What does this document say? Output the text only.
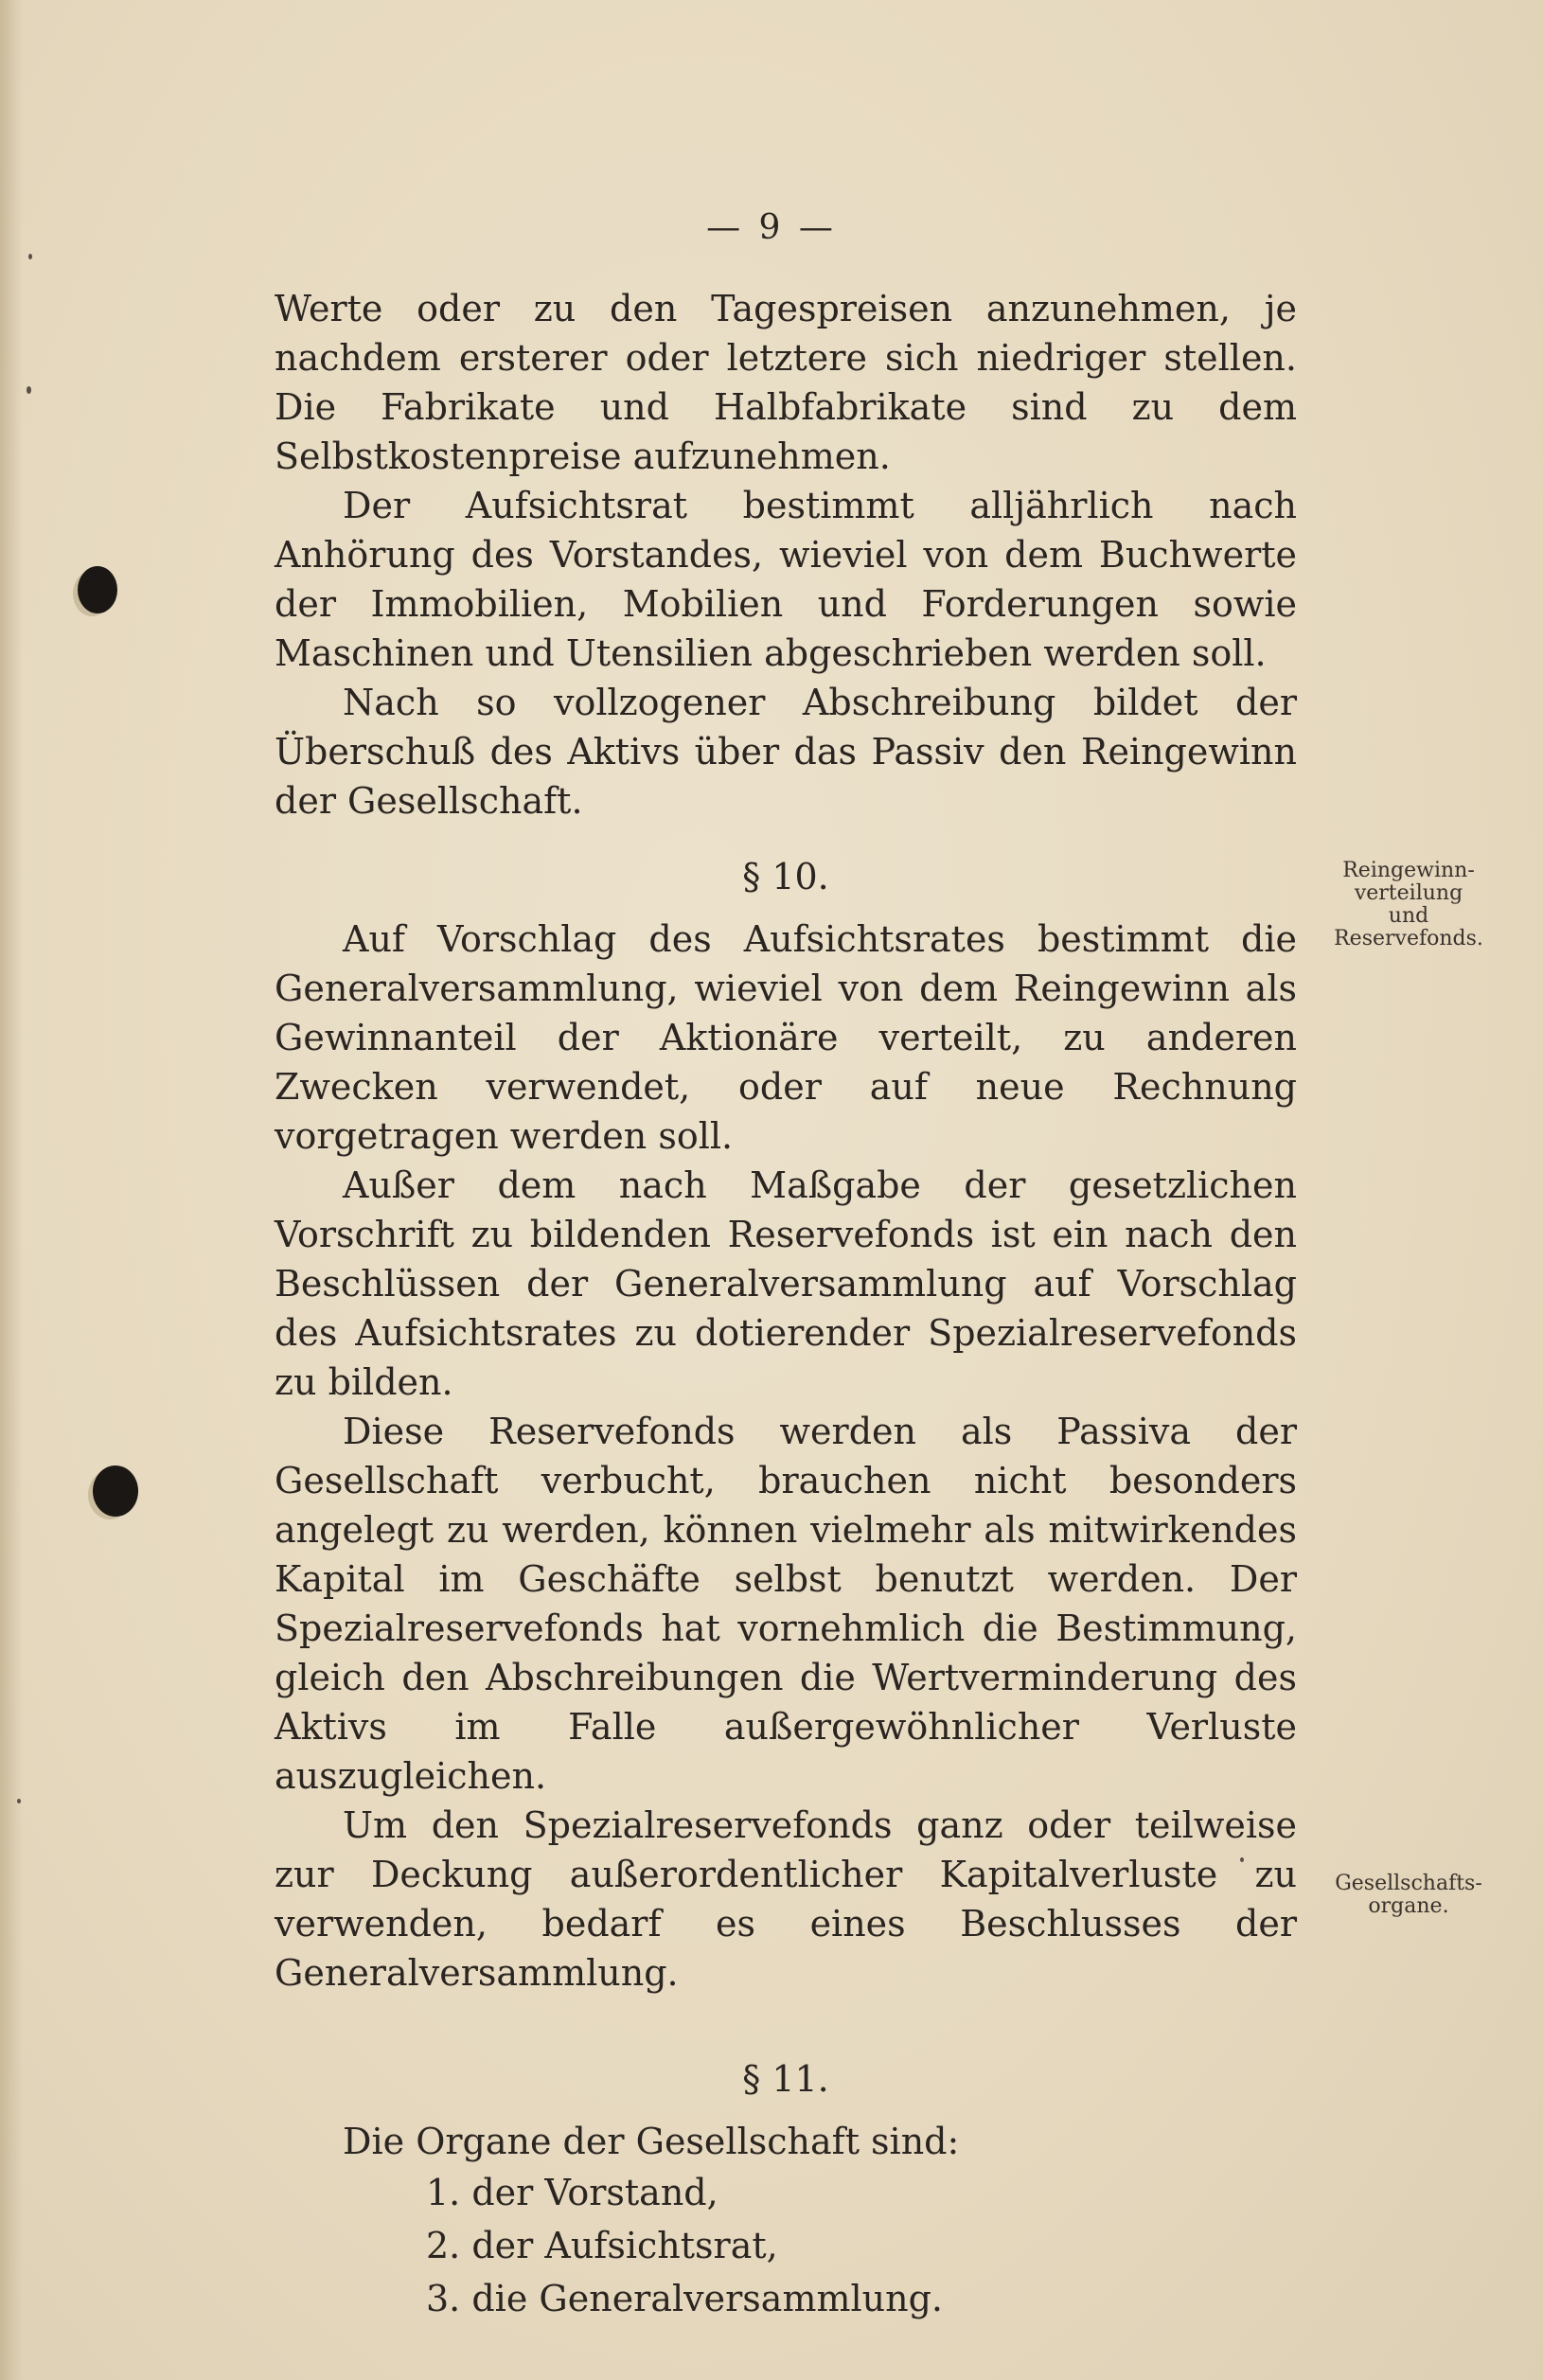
— 9 —

Werte oder zu den Tagespreisen anzunehmen, je nachdem ersterer oder letztere sich niedriger stellen. Die Fabrikate und Halbfabrikate sind zu dem Selbstkostenpreise aufzunehmen.

Der Aufsichtsrat bestimmt alljährlich nach Anhörung des Vorstandes, wieviel von dem Buchwerte der Immobilien, Mobilien und Forderungen sowie Maschinen und Utensilien abgeschrieben werden soll.

Nach so vollzogener Abschreibung bildet der Überschuß des Aktivs über das Passiv den Reingewinn der Gesellschaft.

§ 10.

Auf Vorschlag des Aufsichtsrates bestimmt die Generalversammlung, wieviel von dem Reingewinn als Gewinnanteil der Aktionäre verteilt, zu anderen Zwecken verwendet, oder auf neue Rechnung vorgetragen werden soll.

Außer dem nach Maßgabe der gesetzlichen Vorschrift zu bildenden Reservefonds ist ein nach den Beschlüssen der Generalversammlung auf Vorschlag des Aufsichtsrates zu dotierender Spezialreservefonds zu bilden.

Diese Reservefonds werden als Passiva der Gesellschaft verbucht, brauchen nicht besonders angelegt zu werden, können vielmehr als mitwirkendes Kapital im Geschäfte selbst benutzt werden. Der Spezialreservefonds hat vornehmlich die Bestimmung, gleich den Abschreibungen die Wertverminderung des Aktivs im Falle außergewöhnlicher Verluste auszugleichen.

Um den Spezialreservefonds ganz oder teilweise zur Deckung außerordentlicher Kapitalverluste zu verwenden, bedarf es eines Beschlusses der Generalversammlung.

§ 11.

Die Organe der Gesellschaft sind:

1. der Vorstand,
2. der Aufsichtsrat,
3. die Generalversammlung.
Reingewinn-
verteilung
und
Reservefonds.
Gesellschafts-
organe.
